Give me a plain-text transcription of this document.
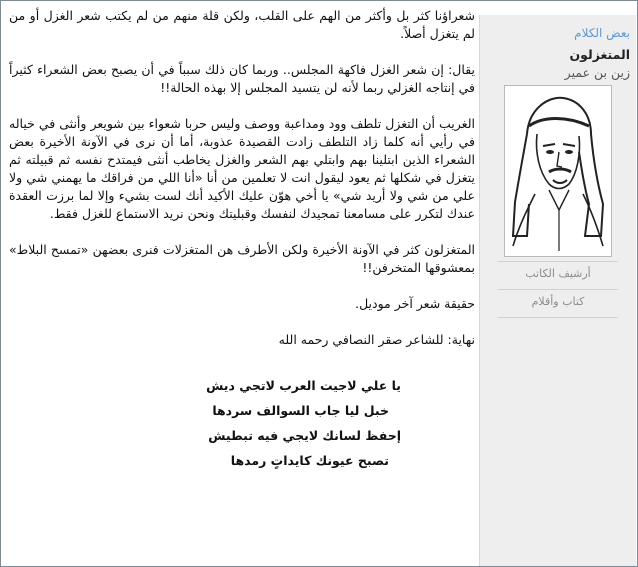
شعراؤنا كثر بل وأكثر من الهم على القلب، ولكن قلة منهم من لم يكتب شعر الغزل أو من لم يتغزل أصلاً.

يقال: إن شعر الغزل فاكهة المجلس.. وربما كان ذلك سبباً في أن يصبح بعض الشعراء كثيراً في إنتاجه الغزلي ربما لأنه لن يتسيد المجلس إلا بهذه الحالة!!

الغريب أن التغزل تلطف وود ومداعبة ووصف وليس حربا شعواء بين شويعر وأنثى في خياله في رأيي أنه كلما زاد التلطف زادت القصيدة عذوبة، أما أن نرى في الآونة الأخيرة بعض الشعراء الذين ابتلينا بهم وابتلي بهم الشعر والغزل يخاطب أنثى فيمتدح نفسه ثم قبيلته ثم يتغزل في شكلها ثم يعود ليقول انت لا تعلمين من أنا «أنا اللي من فراقك ما يهمني شي ولا علي من شي ولا أريد شي» يا أخي هوّن عليك الأكيد أنك لست بشيء وإلا لما برزت العقدة عندك لتكرر على مسامعنا تمجيدك لنفسك وقبليتك ونحن نريد الاستماع للغزل فقط.

المتغزلون كثر في الآونة الأخيرة ولكن الأطرف هن المتغزلات فنرى بعضهن «تمسح البلاط» بمعشوقها المتخرفن!!

حقيقة شعر آخر موديل.

نهاية: للشاعر صقر النصافي رحمه الله

يا علي لاجيت العرب لاتجي ديش
خبل ليا جاب السوالف سردها
إحفظ لسانك لايجي فيه تبطيش
تصبح عيونك كايداتٍ رمدها
بعض الكلام
المتغزلون
زين بن عمير
أرشيف الكاتب
كتاب وأقلام
